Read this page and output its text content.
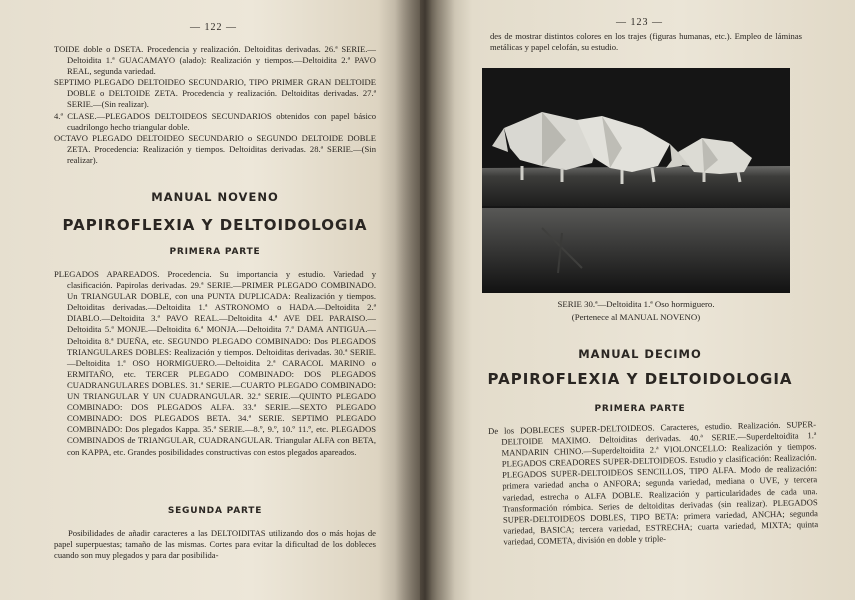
— 122 —

TOIDE doble o DSETA. Procedencia y realización. Deltoiditas derivadas. 26.ª SERIE.—Deltoidita 1.ª GUACAMAYO (alado): Realización y tiempos.—Deltoidita 2.ª PAVO REAL, segunda variedad.

SEPTIMO PLEGADO DELTOIDEO SECUNDARIO, TIPO PRIMER GRAN DELTOIDE DOBLE o DELTOIDE ZETA. Procedencia y realización. Deltoiditas derivadas. 27.ª SERIE.—(Sin realizar).

4.ª CLASE.—PLEGADOS DELTOIDEOS SECUNDARIOS obtenidos con papel básico cuadrilongo hecho triangular doble.

OCTAVO PLEGADO DELTOIDEO SECUNDARIO o SEGUNDO DELTOIDE DOBLE ZETA. Procedencia: Realización y tiempos. Deltoiditas derivadas. 28.ª SERIE.—(Sin realizar).

MANUAL NOVENO
PAPIROFLEXIA Y DELTOIDOLOGIA
PRIMERA PARTE

PLEGADOS APAREADOS. Procedencia. Su importancia y estudio. Variedad y clasificación. Papirolas derivadas. 29.ª SERIE.—PRIMER PLEGADO COMBINADO. Un TRIANGULAR DOBLE, con una PUNTA DUPLICADA: Realización y tiempos. Deltoiditas derivadas.—Deltoidita 1.ª ASTRONOMO o HADA.—Deltoidita 2.ª DIABLO.—Deltoidita 3.ª PAVO REAL.—Deltoidita 4.ª AVE DEL PARAISO.—Deltoidita 5.ª MONJE.—Deltoidita 6.ª MONJA.—Deltoidita 7.ª DAMA ANTIGUA.—Deltoidita 8.ª DUEÑA, etc. SEGUNDO PLEGADO COMBINADO: Dos PLEGADOS TRIANGULARES DOBLES: Realización y tiempos. Deltoiditas derivadas. 30.ª SERIE.—Deltoidita 1.ª OSO HORMIGUERO.—Deltoidita 2.ª CARACOL MARINO o ERMITAÑO, etc. TERCER PLEGADO COMBINADO: DOS PLEGADOS CUADRANGULARES DOBLES. 31.ª SERIE.—CUARTO PLEGADO COMBINADO: UN TRIANGULAR Y UN CUADRANGULAR. 32.ª SERIE.—QUINTO PLEGADO COMBINADO: DOS PLEGADOS ALFA. 33.ª SERIE.—SEXTO PLEGADO COMBINADO: DOS PLEGADOS BETA. 34.ª SERIE. SEPTIMO PLEGADO COMBINADO: Dos plegados Kappa. 35.ª SERIE.—8.º, 9.º, 10.º 11.º, etc. PLEGADOS COMBINADOS de TRIANGULAR, CUADRANGULAR. Triangular ALFA con BETA, con KAPPA, etc. Grandes posibilidades constructivas con estos plegados apareados.

SEGUNDA PARTE

Posibilidades de añadir caracteres a las DELTOIDITAS utilizando dos o más hojas de papel superpuestas; tamaño de las mismas. Cortes para evitar la dificultad de los dobleces cuando son muy plegados y para dar posibilida-

— 123 —

des de mostrar distintos colores en los trajes (figuras humanas, etc.). Empleo de láminas metálicas y papel celofán, su estudio.

SERIE 30.ª—Deltoidita 1.ª Oso hormiguero.
(Pertenece al MANUAL NOVENO)
MANUAL DECIMO
PAPIROFLEXIA Y DELTOIDOLOGIA
PRIMERA PARTE

De los DOBLECES SUPER-DELTOIDEOS. Caracteres, estudio. Realización. SUPER-DELTOIDE MAXIMO. Deltoiditas derivadas. 40.ª SERIE.—Superdeltoidita 1.ª MANDARIN CHINO.—Superdeltoidita 2.ª VIOLONCELLO: Realización y tiempos. PLEGADOS CREADORES SUPER-DELTOIDEOS. Estudio y clasificación: Realización. PLEGADOS SUPER-DELTOIDEOS SENCILLOS, TIPO ALFA. Modo de realización: primera variedad ancha o ANFORA; segunda variedad, mediana o UVE, y tercera variedad, estrecha o ALFA DOBLE. Realización y particularidades de cada una. Transformación rómbica. Series de deltoiditas derivadas (sin realizar). PLEGADOS SUPER-DELTOIDEOS DOBLES, TIPO BETA: primera variedad, ANCHA; segunda variedad, BASICA; tercera variedad, ESTRECHA; cuarta variedad, MIXTA; quinta variedad, COMETA, división en doble y triple-
